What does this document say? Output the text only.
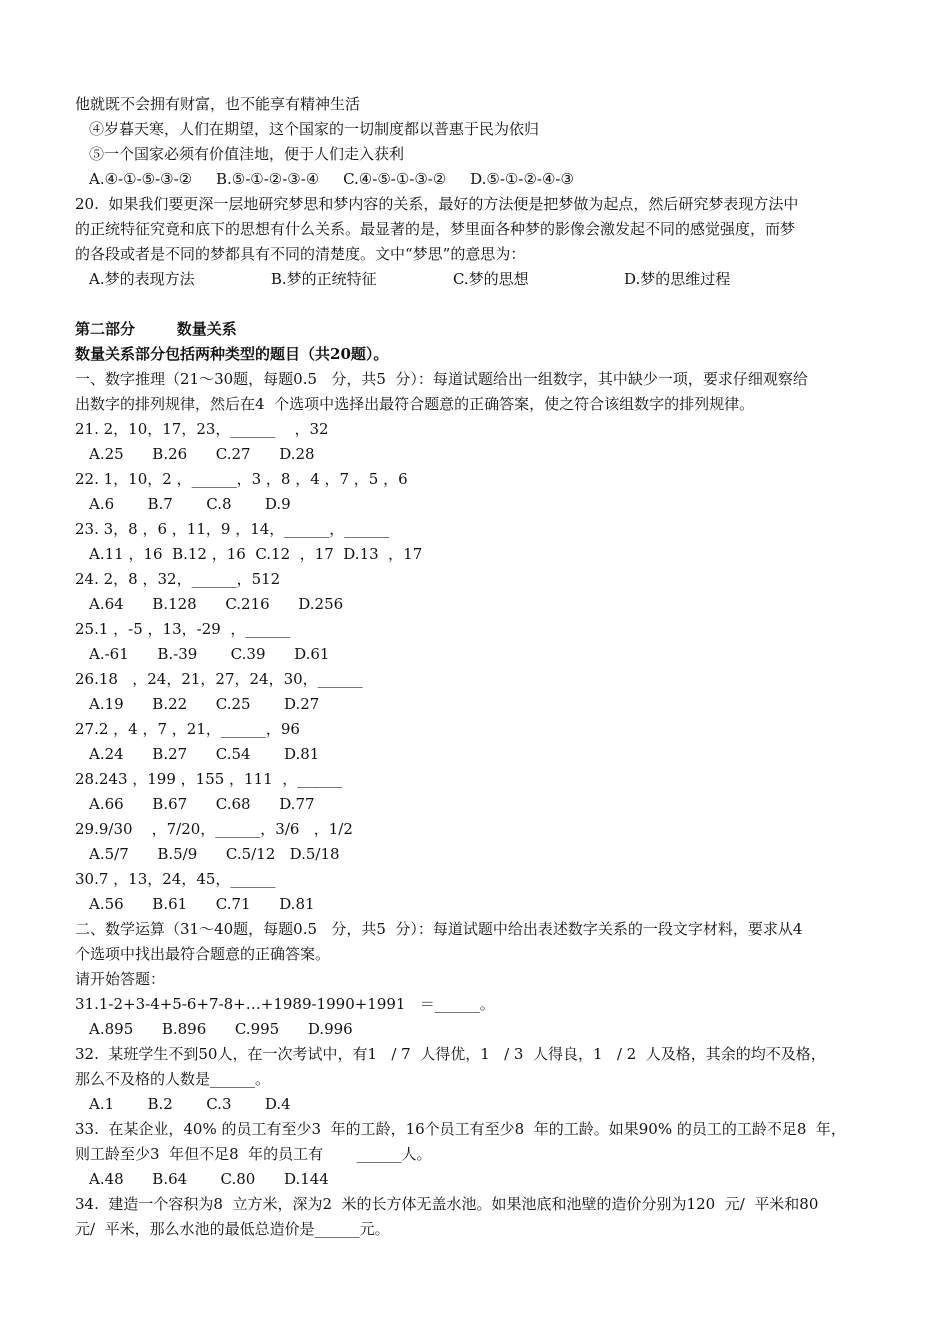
他就既不会拥有财富，也不能享有精神生活
④岁暮天寒，人们在期望，这个国家的一切制度都以普惠于民为依归
⑤一个国家必须有价值洼地，便于人们走入获利
A.④-①-⑤-③-②     B.⑤-①-②-③-④     C.④-⑤-①-③-②     D.⑤-①-②-④-③
20.  如果我们要更深一层地研究梦思和梦内容的关系，最好的方法便是把梦做为起点，然后研究梦表现方法中
的正统特征究竟和底下的思想有什么关系。最显著的是，梦里面各种梦的影像会激发起不同的感觉强度，而梦
的各段或者是不同的梦都具有不同的清楚度。文中“梦思”的意思为：
A.梦的表现方法                B.梦的正统特征                C.梦的思想                    D.梦的思维过程
第二部分        数量关系
数量关系部分包括两种类型的题目（共20题）。
一、数字推理（21～30题，每题0.5   分，共5  分）：每道试题给出一组数字，其中缺少一项，要求仔细观察给
出数字的排列规律，然后在4  个选项中选择出最符合题意的正确答案，使之符合该组数字的排列规律。
21. 2，10，17，23，______    ，32
A.25      B.26      C.27      D.28
22. 1，10，2 ，______，3 ，8 ，4 ，7 ，5 ，6
A.6       B.7       C.8       D.9
23. 3，8 ，6 ，11，9 ，14，______，______
A.11 ，16  B.12 ，16  C.12  ，17  D.13  ，17
24. 2，8 ，32，______，512
A.64      B.128      C.216      D.256
25.1 ，-5 ，13，-29  ，______
A.-61      B.-39       C.39      D.61
26.18   ，24，21，27，24，30，______
A.19      B.22      C.25       D.27
27.2 ，4 ，7 ，21，______，96
A.24      B.27      C.54       D.81
28.243 ，199 ，155 ，111  ，______
A.66      B.67      C.68      D.77
29.9/30    ，7/20，______，3/6   ，1/2
A.5/7      B.5/9      C.5/12   D.5/18
30.7 ，13，24，45，______
A.56      B.61      C.71      D.81
二、数学运算（31～40题，每题0.5   分，共5  分）：每道试题中给出表述数字关系的一段文字材料，要求从4
个选项中找出最符合题意的正确答案。
请开始答题：
31.1-2+3-4+5-6+7-8+…+1989-1990+1991   ＝______。
A.895      B.896      C.995      D.996
32.  某班学生不到50人，在一次考试中，有1   / 7  人得优，1   / 3  人得良，1   / 2  人及格，其余的均不及格，
那么不及格的人数是______。
A.1       B.2       C.3       D.4
33.  在某企业，40% 的员工有至少3  年的工龄，16个员工有至少8  年的工龄。如果90% 的员工的工龄不足8  年，
则工龄至少3  年但不足8  年的员工有       ______人。
A.48      B.64       C.80      D.144
34.  建造一个容积为8  立方米，深为2  米的长方体无盖水池。如果池底和池壁的造价分别为120  元/  平米和80
元/  平米，那么水池的最低总造价是______元。
